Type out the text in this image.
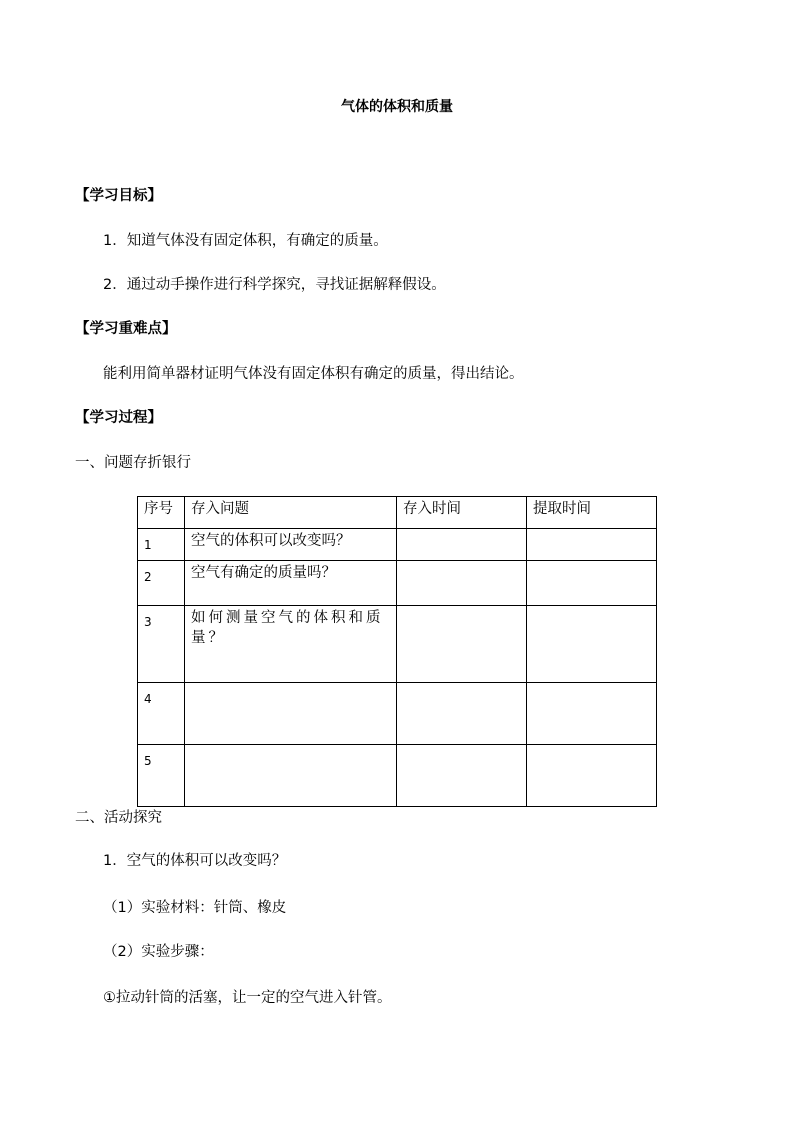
气体的体积和质量
【学习目标】
1．知道气体没有固定体积，有确定的质量。
2．通过动手操作进行科学探究，寻找证据解释假设。
【学习重难点】
能利用简单器材证明气体没有固定体积有确定的质量，得出结论。
【学习过程】
一、问题存折银行
序号	存入问题	存入时间	提取时间
1	空气的体积可以改变吗？		
2	空气有确定的质量吗？		
3	如何测量空气的体积和质量？		
4			
5			
二、活动探究
1．空气的体积可以改变吗？
（1）实验材料：针筒、橡皮
（2）实验步骤：
①拉动针筒的活塞，让一定的空气进入针管。
